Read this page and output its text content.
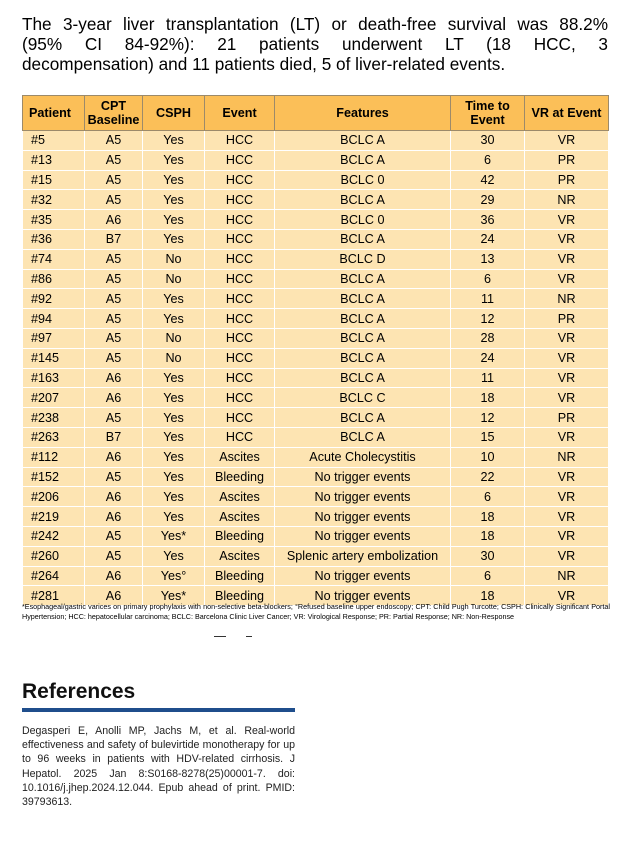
The 3-year liver transplantation (LT) or death-free survival was 88.2%
(95% CI 84-92%): 21 patients underwent LT (18 HCC, 3
decompensation) and 11 patients died, 5 of liver-related events.
Patient	CPT Baseline	CSPH	Event	Features	Time to Event	VR at Event
#5	A5	Yes	HCC	BCLC A	30	VR
#13	A5	Yes	HCC	BCLC A	6	PR
#15	A5	Yes	HCC	BCLC 0	42	PR
#32	A5	Yes	HCC	BCLC A	29	NR
#35	A6	Yes	HCC	BCLC 0	36	VR
#36	B7	Yes	HCC	BCLC A	24	VR
#74	A5	No	HCC	BCLC D	13	VR
#86	A5	No	HCC	BCLC A	6	VR
#92	A5	Yes	HCC	BCLC A	11	NR
#94	A5	Yes	HCC	BCLC A	12	PR
#97	A5	No	HCC	BCLC A	28	VR
#145	A5	No	HCC	BCLC A	24	VR
#163	A6	Yes	HCC	BCLC A	11	VR
#207	A6	Yes	HCC	BCLC C	18	VR
#238	A5	Yes	HCC	BCLC A	12	PR
#263	B7	Yes	HCC	BCLC A	15	VR
#112	A6	Yes	Ascites	Acute Cholecystitis	10	NR
#152	A5	Yes	Bleeding	No trigger events	22	VR
#206	A6	Yes	Ascites	No trigger events	6	VR
#219	A6	Yes	Ascites	No trigger events	18	VR
#242	A5	Yes*	Bleeding	No trigger events	18	VR
#260	A5	Yes	Ascites	Splenic artery embolization	30	VR
#264	A6	Yes°	Bleeding	No trigger events	6	NR
#281	A6	Yes*	Bleeding	No trigger events	18	VR

*Esophageal/gastric varices on primary prophylaxis with non-selective beta-blockers; °Refused baseline upper endoscopy; CPT: Child Pugh Turcotte; CSPH: Clinically Significant Portal Hypertension; HCC: hepatocellular carcinoma; BCLC: Barcelona Clinic Liver Cancer; VR: Virological Response; PR: Partial Response; NR: Non-Response

References

Degasperi E, Anolli MP, Jachs M, et al. Real-world effectiveness and safety of bulevirtide monotherapy for up to 96 weeks in patients with HDV-related cirrhosis. J Hepatol. 2025 Jan 8:S0168-8278(25)00001-7. doi: 10.1016/j.jhep.2024.12.044. Epub ahead of print. PMID: 39793613.
